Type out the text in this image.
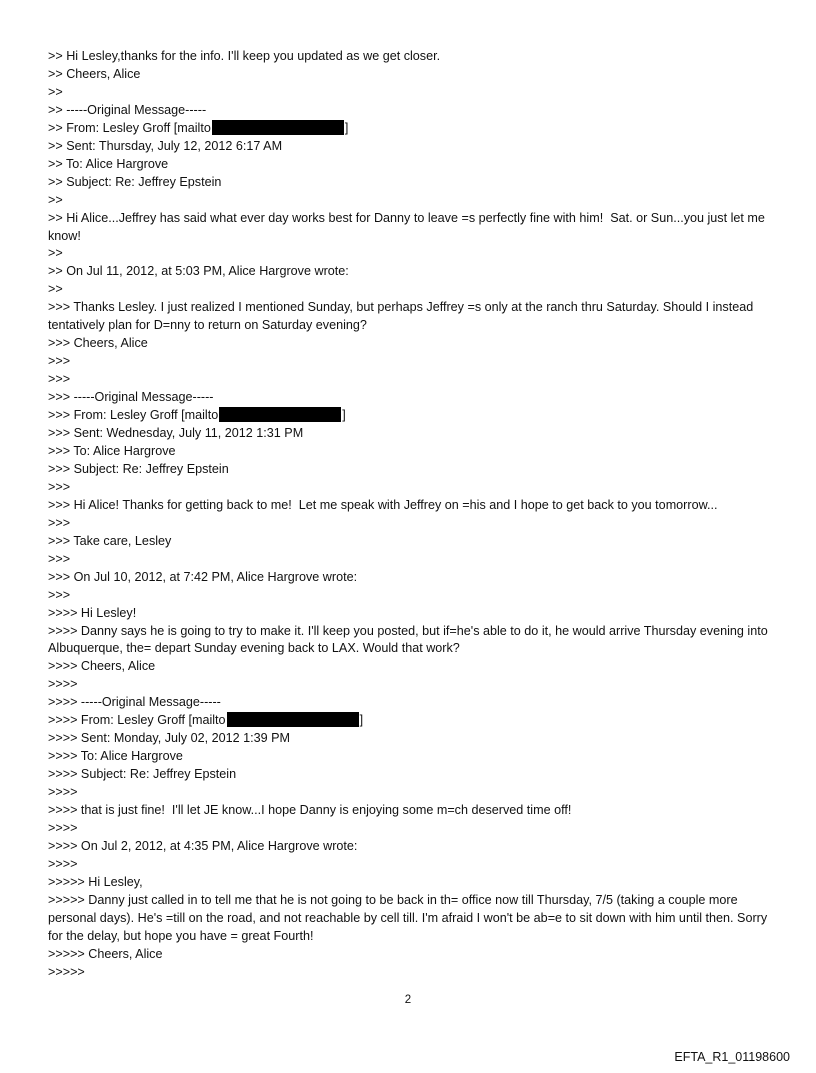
>> Hi Lesley,thanks for the info. I'll keep you updated as we get closer.
>> Cheers, Alice
>>
>> -----Original Message-----
>> From: Lesley Groff [mailto	]
>> Sent: Thursday, July 12, 2012 6:17 AM
>> To: Alice Hargrove
>> Subject: Re: Jeffrey Epstein
>>
>> Hi Alice...Jeffrey has said what ever day works best for Danny to leave =s perfectly fine with him!  Sat. or Sun...you just let me know!
>>
>> On Jul 11, 2012, at 5:03 PM, Alice Hargrove wrote:
>>
>>> Thanks Lesley. I just realized I mentioned Sunday, but perhaps Jeffrey =s only at the ranch thru Saturday. Should I instead tentatively plan for D=nny to return on Saturday evening?
>>> Cheers, Alice
>>>
>>>
>>> -----Original Message-----
>>> From: Lesley Groff [mailto	]
>>> Sent: Wednesday, July 11, 2012 1:31 PM
>>> To: Alice Hargrove
>>> Subject: Re: Jeffrey Epstein
>>>
>>> Hi Alice! Thanks for getting back to me!  Let me speak with Jeffrey on =his and I hope to get back to you tomorrow...
>>>
>>> Take care, Lesley
>>>
>>> On Jul 10, 2012, at 7:42 PM, Alice Hargrove wrote:
>>>
>>>> Hi Lesley!
>>>> Danny says he is going to try to make it. I'll keep you posted, but if=he's able to do it, he would arrive Thursday evening into Albuquerque, the= depart Sunday evening back to LAX. Would that work?
>>>> Cheers, Alice
>>>>
>>>> -----Original Message-----
>>>> From: Lesley Groff [mailto	]
>>>> Sent: Monday, July 02, 2012 1:39 PM
>>>> To: Alice Hargrove
>>>> Subject: Re: Jeffrey Epstein
>>>>
>>>> that is just fine!  I'll let JE know...I hope Danny is enjoying some m=ch deserved time off!
>>>>
>>>> On Jul 2, 2012, at 4:35 PM, Alice Hargrove wrote:
>>>>
>>>>> Hi Lesley,
>>>>> Danny just called in to tell me that he is not going to be back in th= office now till Thursday, 7/5 (taking a couple more personal days). He's =till on the road, and not reachable by cell till. I'm afraid I won't be ab=e to sit down with him until then. Sorry for the delay, but hope you have = great Fourth!
>>>>> Cheers, Alice
>>>>>
2
EFTA_R1_01198600
